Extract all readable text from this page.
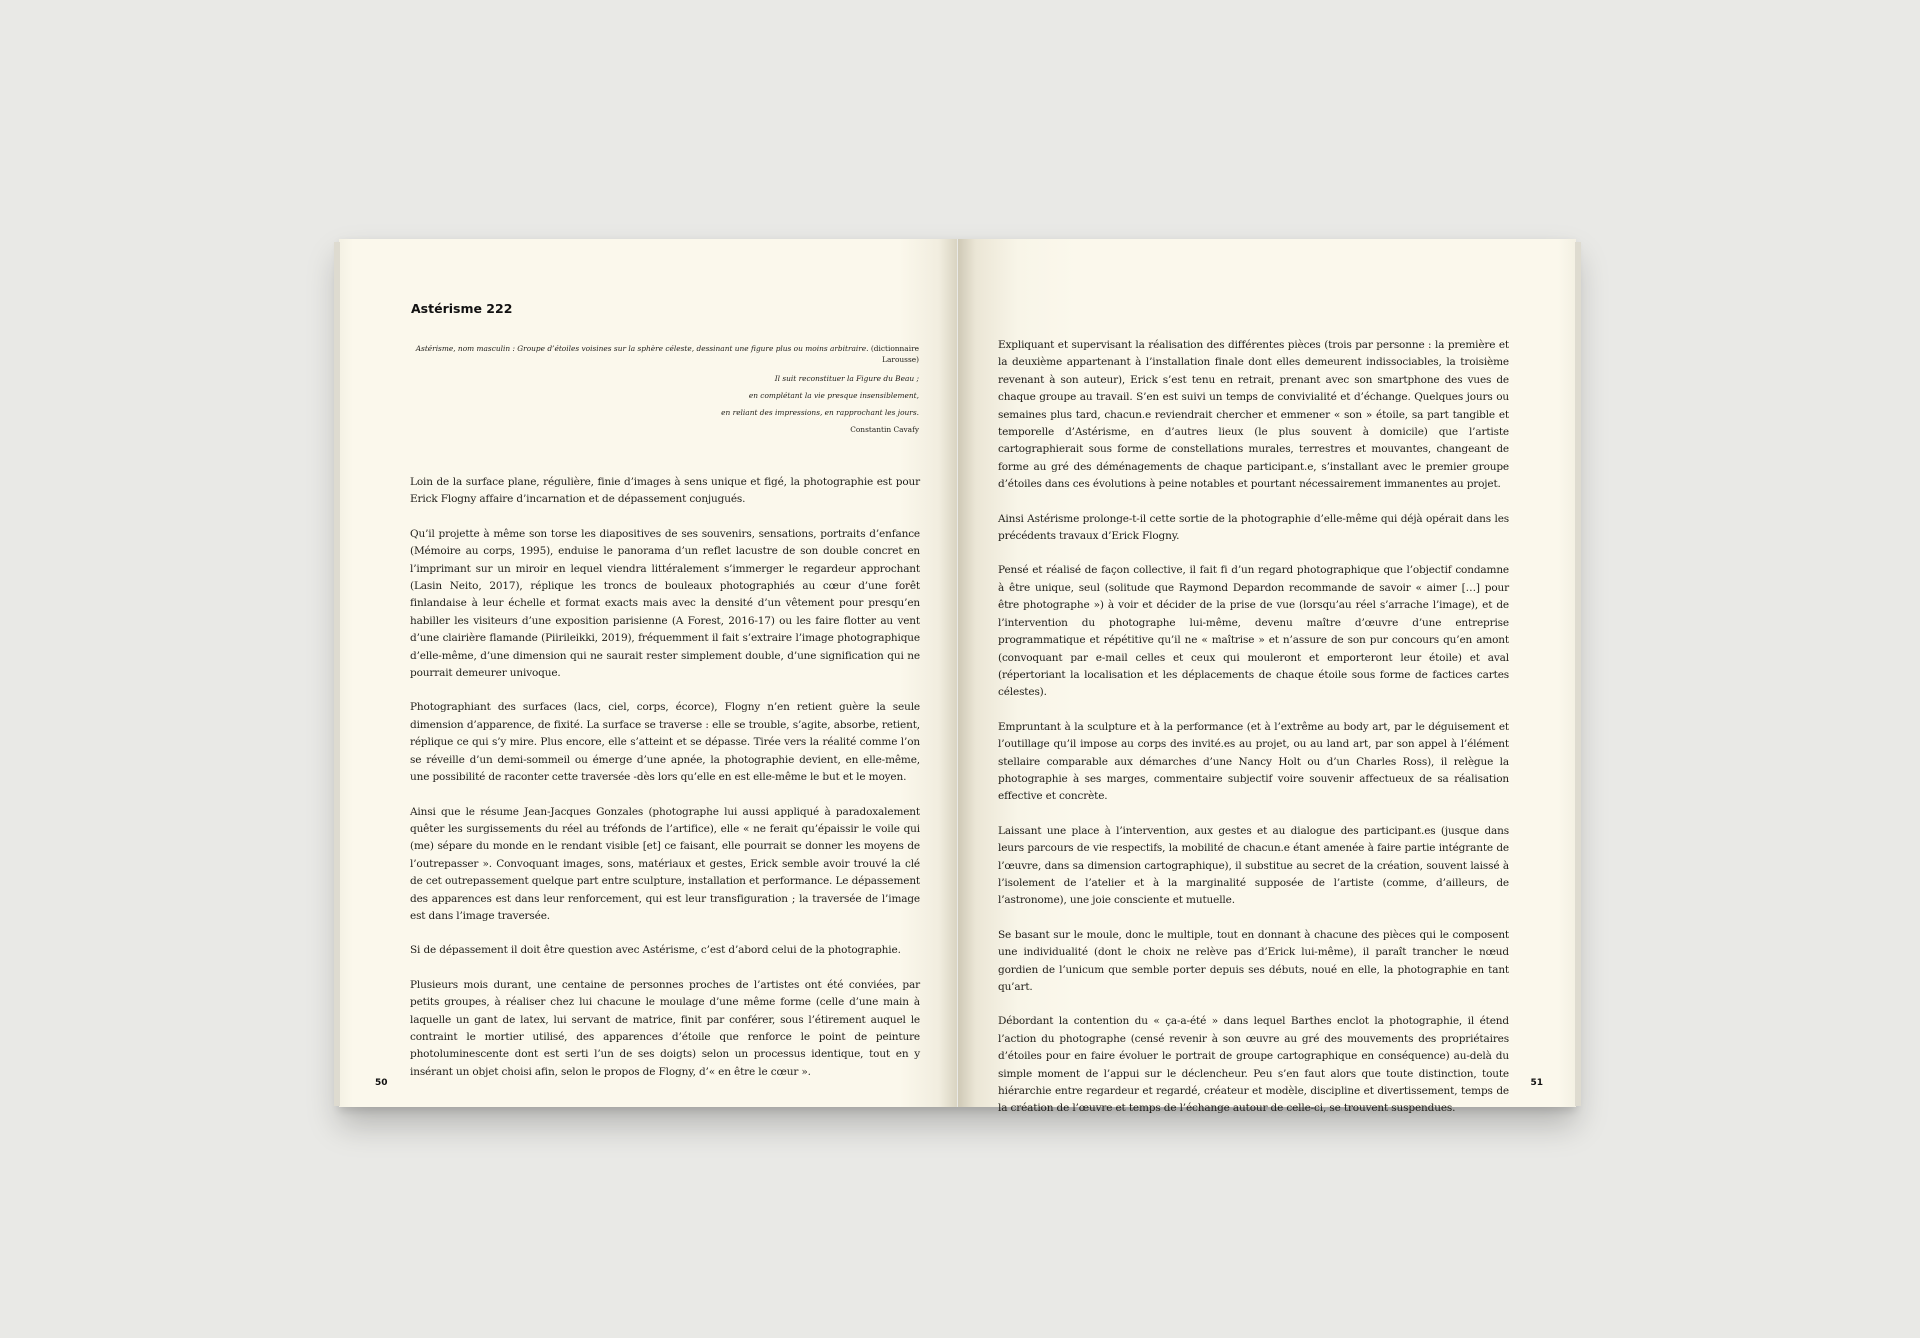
Astérisme 222
Astérisme, nom masculin : Groupe d’étoiles voisines sur la sphère céleste, dessinant une figure plus ou moins arbitraire. (dictionnaire Larousse)
Il suit reconstituer la Figure du Beau ;
en complétant la vie presque insensiblement,
en reliant des impressions, en rapprochant les jours.
Constantin Cavafy

Loin de la surface plane, régulière, finie d’images à sens unique et figé, la photographie est pour Erick Flogny affaire d’incarnation et de dépassement conjugués.

Qu’il projette à même son torse les diapositives de ses souvenirs, sensations, portraits d’enfance (Mémoire au corps, 1995), enduise le panorama d’un reflet lacustre de son double concret en l’imprimant sur un miroir en lequel viendra littéralement s’immerger le regardeur approchant (Lasin Neito, 2017), réplique les troncs de bouleaux photographiés au cœur d’une forêt finlandaise à leur échelle et format exacts mais avec la densité d’un vêtement pour presqu’en habiller les visiteurs d’une exposition parisienne (A Forest, 2016-17) ou les faire flotter au vent d’une clairière flamande (Piirileikki, 2019), fréquemment il fait s’extraire l’image photographique d’elle-même, d’une dimension qui ne saurait rester simplement double, d’une signification qui ne pourrait demeurer univoque.

Photographiant des surfaces (lacs, ciel, corps, écorce), Flogny n’en retient guère la seule dimension d’apparence, de fixité. La surface se traverse : elle se trouble, s’agite, absorbe, retient, réplique ce qui s’y mire. Plus encore, elle s’atteint et se dépasse. Tirée vers la réalité comme l’on se réveille d’un demi-sommeil ou émerge d’une apnée, la photographie devient, en elle-même, une possibilité de raconter cette traversée -dès lors qu’elle en est elle-même le but et le moyen.

Ainsi que le résume Jean-Jacques Gonzales (photographe lui aussi appliqué à paradoxalement quêter les surgissements du réel au tréfonds de l’artifice), elle « ne ferait qu’épaissir le voile qui (me) sépare du monde en le rendant visible [et] ce faisant, elle pourrait se donner les moyens de l’outrepasser ». Convoquant images, sons, matériaux et gestes, Erick semble avoir trouvé la clé de cet outrepassement quelque part entre sculpture, installation et performance. Le dépassement des apparences est dans leur renforcement, qui est leur transfiguration ; la traversée de l’image est dans l’image traversée.

Si de dépassement il doit être question avec Astérisme, c’est d’abord celui de la photographie.

Plusieurs mois durant, une centaine de personnes proches de l’artistes ont été conviées, par petits groupes, à réaliser chez lui chacune le moulage d’une même forme (celle d’une main à laquelle un gant de latex, lui servant de matrice, finit par conférer, sous l’étirement auquel le contraint le mortier utilisé, des apparences d’étoile que renforce le point de peinture photoluminescente dont est serti l’un de ses doigts) selon un processus identique, tout en y insérant un objet choisi afin, selon le propos de Flogny, d’« en être le cœur ».

50

Expliquant et supervisant la réalisation des différentes pièces (trois par personne : la première et la deuxième appartenant à l’installation finale dont elles demeurent indissociables, la troisième revenant à son auteur), Erick s’est tenu en retrait, prenant avec son smartphone des vues de chaque groupe au travail. S’en est suivi un temps de convivialité et d’échange. Quelques jours ou semaines plus tard, chacun.e reviendrait chercher et emmener « son » étoile, sa part tangible et temporelle d’Astérisme, en d’autres lieux (le plus souvent à domicile) que l’artiste cartographierait sous forme de constellations murales, terrestres et mouvantes, changeant de forme au gré des déménagements de chaque participant.e, s’installant avec le premier groupe d’étoiles dans ces évolutions à peine notables et pourtant nécessairement immanentes au projet.

Ainsi Astérisme prolonge-t-il cette sortie de la photographie d’elle-même qui déjà opérait dans les précédents travaux d’Erick Flogny.

Pensé et réalisé de façon collective, il fait fi d’un regard photographique que l’objectif condamne à être unique, seul (solitude que Raymond Depardon recommande de savoir « aimer […] pour être photographe ») à voir et décider de la prise de vue (lorsqu’au réel s’arrache l’image), et de l’intervention du photographe lui-même, devenu maître d’œuvre d’une entreprise programmatique et répétitive qu’il ne « maîtrise » et n’assure de son pur concours qu’en amont (convoquant par e-mail celles et ceux qui mouleront et emporteront leur étoile) et aval (répertoriant la localisation et les déplacements de chaque étoile sous forme de factices cartes célestes).

Empruntant à la sculpture et à la performance (et à l’extrême au body art, par le déguisement et l’outillage qu’il impose au corps des invité.es au projet, ou au land art, par son appel à l’élément stellaire comparable aux démarches d’une Nancy Holt ou d’un Charles Ross), il relègue la photographie à ses marges, commentaire subjectif voire souvenir affectueux de sa réalisation effective et concrète.

Laissant une place à l’intervention, aux gestes et au dialogue des participant.es (jusque dans leurs parcours de vie respectifs, la mobilité de chacun.e étant amenée à faire partie intégrante de l’œuvre, dans sa dimension cartographique), il substitue au secret de la création, souvent laissé à l’isolement de l’atelier et à la marginalité supposée de l’artiste (comme, d’ailleurs, de l’astronome), une joie consciente et mutuelle.

Se basant sur le moule, donc le multiple, tout en donnant à chacune des pièces qui le composent une individualité (dont le choix ne relève pas d’Erick lui-même), il paraît trancher le nœud gordien de l’unicum que semble porter depuis ses débuts, noué en elle, la photographie en tant qu’art.

Débordant la contention du « ça-a-été » dans lequel Barthes enclot la photographie, il étend l’action du photographe (censé revenir à son œuvre au gré des mouvements des propriétaires d’étoiles pour en faire évoluer le portrait de groupe cartographique en conséquence) au-delà du simple moment de l’appui sur le déclencheur. Peu s’en faut alors que toute distinction, toute hiérarchie entre regardeur et regardé, créateur et modèle, discipline et divertissement, temps de la création de l’œuvre et temps de l’échange autour de celle-ci, se trouvent suspendues.

51
